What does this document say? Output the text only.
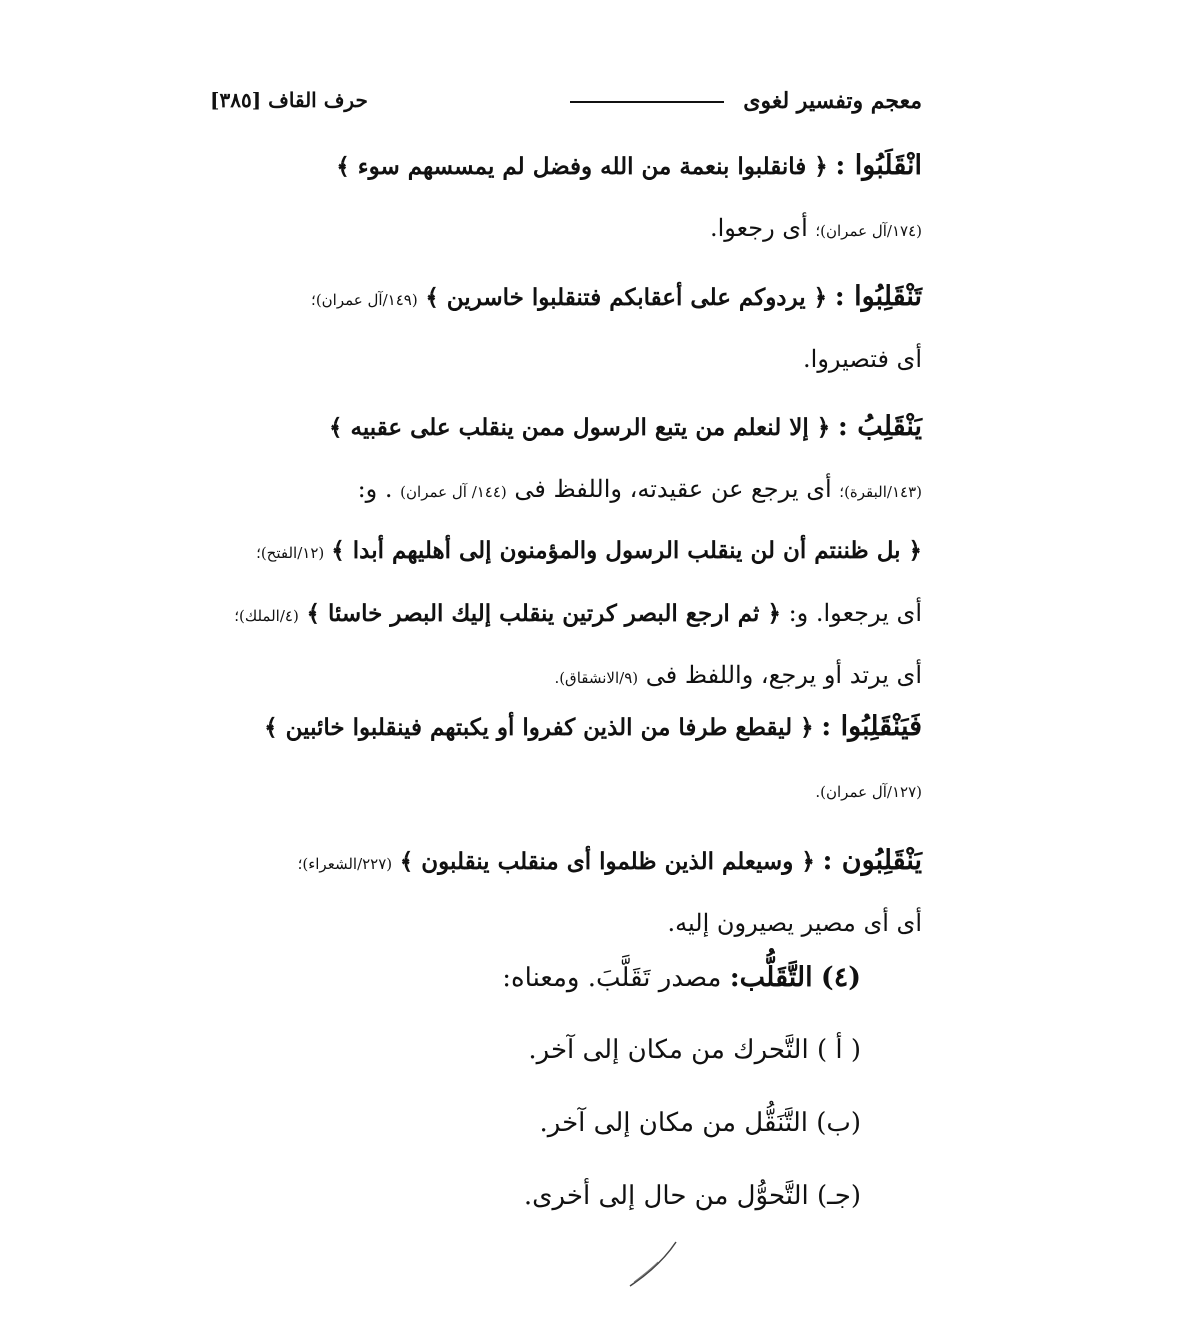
معجم وتفسير لغوى
حرف القاف [٣٨٥]
انْقَلَبُوا : ﴿ فانقلبوا بنعمة من الله وفضل لم يمسسهم سوء ﴾
(١٧٤/آل عمران)؛ أى رجعوا.
تَنْقَلِبُوا : ﴿ يردوكم على أعقابكم فتنقلبوا خاسرين ﴾ (١٤٩/آل عمران)؛
أى فتصيروا.
يَنْقَلِبُ : ﴿ إلا لنعلم من يتبع الرسول ممن ينقلب على عقبيه ﴾
(١٤٣/البقرة)؛ أى يرجع عن عقيدته، واللفظ فى (١٤٤/ آل عمران) . و:
﴿ بل ظننتم أن لن ينقلب الرسول والمؤمنون إلى أهليهم أبدا ﴾ (١٢/الفتح)؛
أى يرجعوا. و: ﴿ ثم ارجع البصر كرتين ينقلب إليك البصر خاسئا ﴾ (٤/الملك)؛
أى يرتد أو يرجع، واللفظ فى (٩/الانشقاق).
فَيَنْقَلِبُوا : ﴿ ليقطع طرفا من الذين كفروا أو يكبتهم فينقلبوا خائبين ﴾
(١٢٧/آل عمران).
يَنْقَلِبُون : ﴿ وسيعلم الذين ظلموا أى منقلب ينقلبون ﴾ (٢٢٧/الشعراء)؛
أى أى مصير يصيرون إليه.
(٤) التَّقَلُّب: مصدر تَقَلَّبَ. ومعناه:
( أ ) التَّحرك من مكان إلى آخر.
(ب) التَّنَقُّل من مكان إلى آخر.
(جـ) التَّحوُّل من حال إلى أخرى.
